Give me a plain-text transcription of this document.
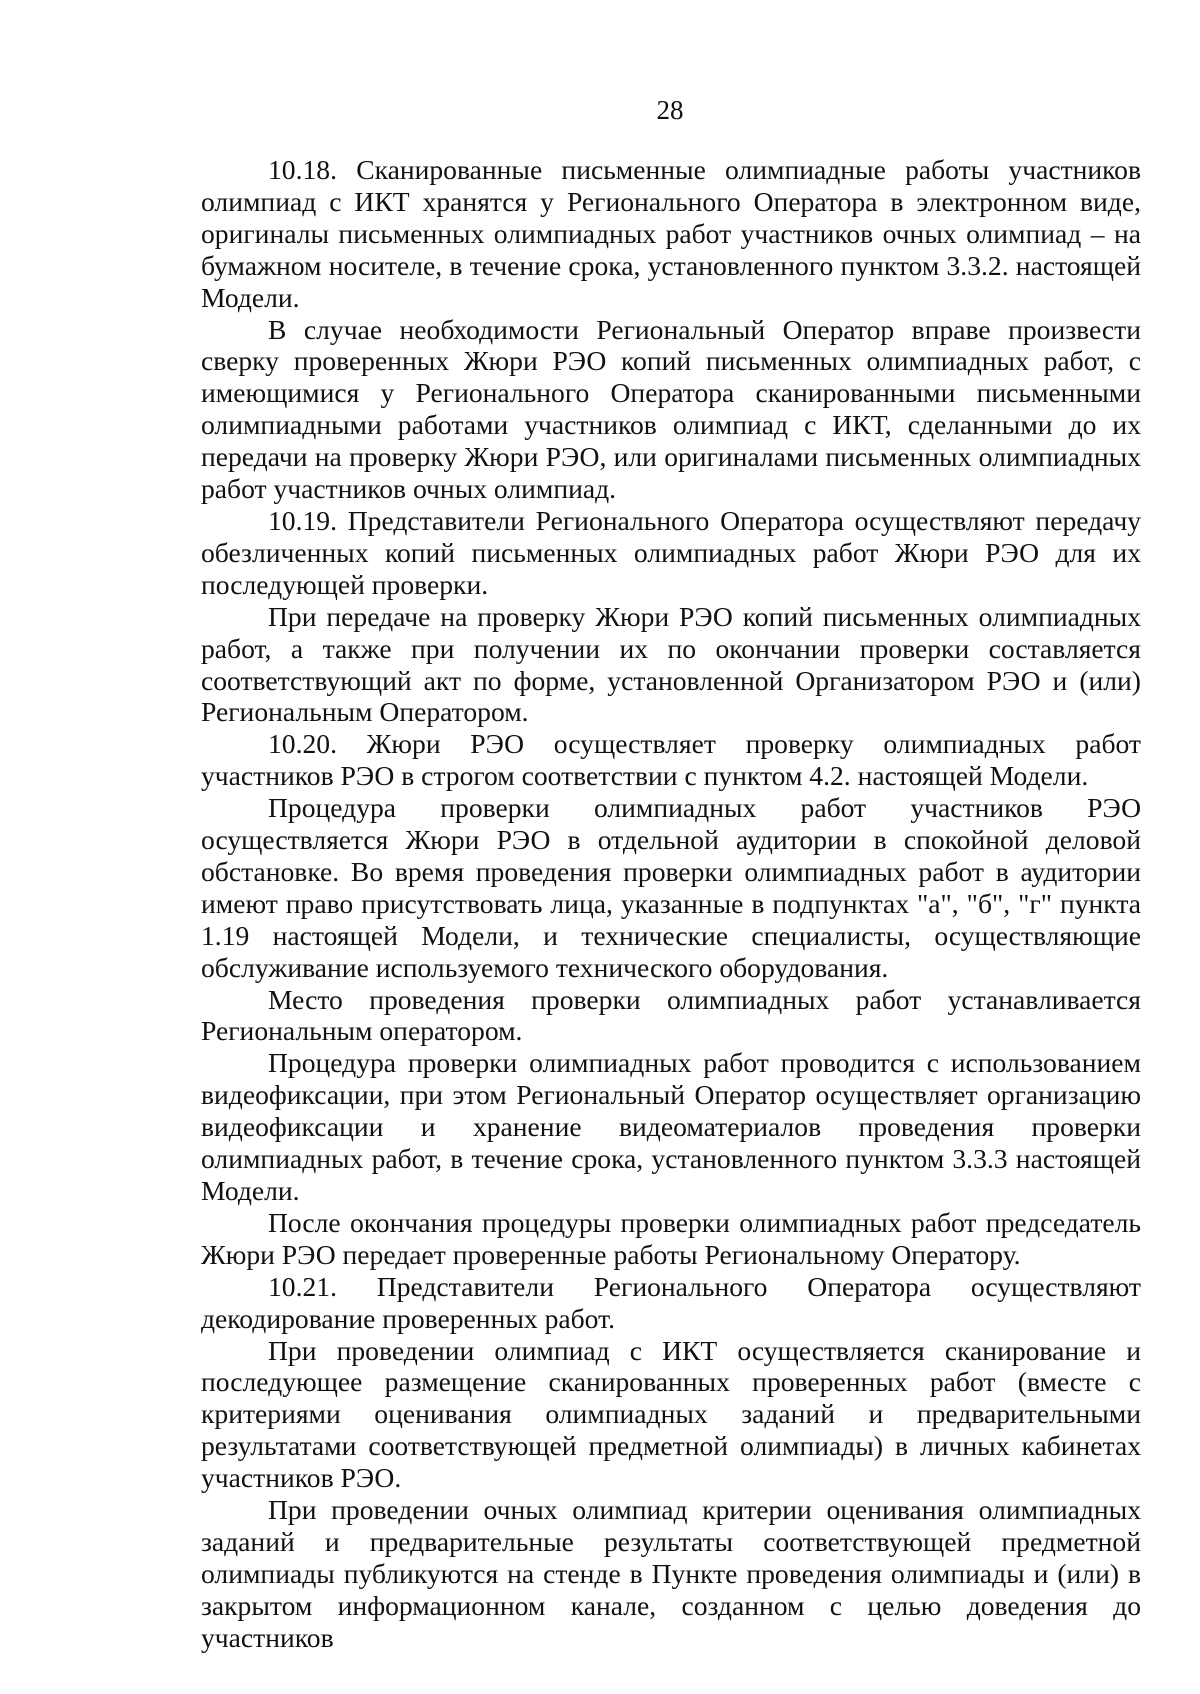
28

10.18. Сканированные письменные олимпиадные работы участников олимпиад с ИКТ хранятся у Регионального Оператора в электронном виде, оригиналы письменных олимпиадных работ участников очных олимпиад – на бумажном носителе, в течение срока, установленного пунктом 3.3.2. настоящей Модели.

В случае необходимости Региональный Оператор вправе произвести сверку проверенных Жюри РЭО копий письменных олимпиадных работ, с имеющимися у Регионального Оператора сканированными письменными олимпиадными работами участников олимпиад с ИКТ, сделанными до их передачи на проверку Жюри РЭО, или оригиналами письменных олимпиадных работ участников очных олимпиад.

10.19. Представители Регионального Оператора осуществляют передачу обезличенных копий письменных олимпиадных работ Жюри РЭО для их последующей проверки.

При передаче на проверку Жюри РЭО копий письменных олимпиадных работ, а также при получении их по окончании проверки составляется соответствующий акт по форме, установленной Организатором РЭО и (или) Региональным Оператором.

10.20. Жюри РЭО осуществляет проверку олимпиадных работ участников РЭО в строгом соответствии с пунктом 4.2. настоящей Модели.

Процедура проверки олимпиадных работ участников РЭО осуществляется Жюри РЭО в отдельной аудитории в спокойной деловой обстановке. Во время проведения проверки олимпиадных работ в аудитории имеют право присутствовать лица, указанные в подпунктах "а", "б", "г" пункта 1.19 настоящей Модели, и технические специалисты, осуществляющие обслуживание используемого технического оборудования.

Место проведения проверки олимпиадных работ устанавливается Региональным оператором.

Процедура проверки олимпиадных работ проводится с использованием видеофиксации, при этом Региональный Оператор осуществляет организацию видеофиксации и хранение видеоматериалов проведения проверки олимпиадных работ, в течение срока, установленного пунктом 3.3.3 настоящей Модели.

После окончания процедуры проверки олимпиадных работ председатель Жюри РЭО передает проверенные работы Региональному Оператору.

10.21. Представители Регионального Оператора осуществляют декодирование проверенных работ.

При проведении олимпиад с ИКТ осуществляется сканирование и последующее размещение сканированных проверенных работ (вместе с критериями оценивания олимпиадных заданий и предварительными результатами соответствующей предметной олимпиады) в личных кабинетах участников РЭО.

При проведении очных олимпиад критерии оценивания олимпиадных заданий и предварительные результаты соответствующей предметной олимпиады публикуются на стенде в Пункте проведения олимпиады и (или) в закрытом информационном канале, созданном с целью доведения до участников
